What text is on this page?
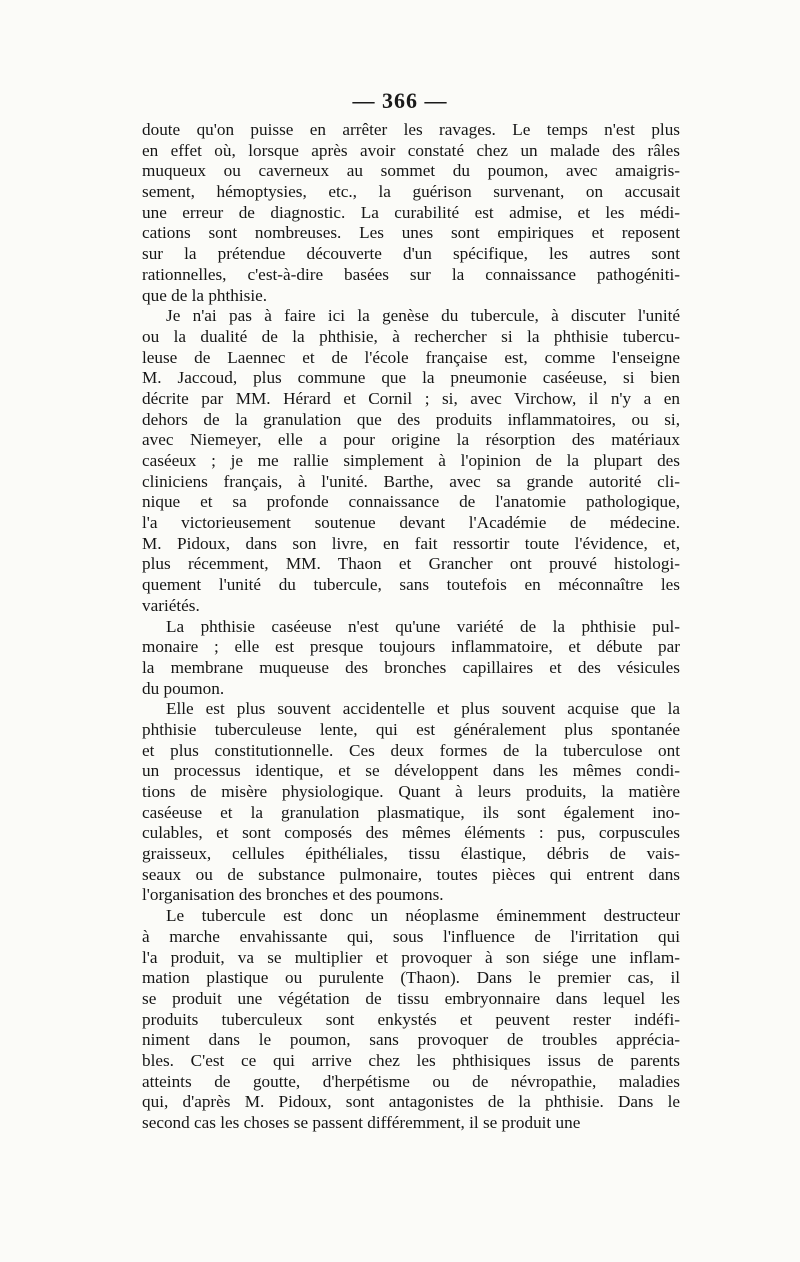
— 366 —
doute qu'on puisse en arrêter les ravages. Le temps n'est plus
en effet où, lorsque après avoir constaté chez un malade des râles
muqueux ou caverneux au sommet du poumon, avec amaigris-
sement, hémoptysies, etc., la guérison survenant, on accusait
une erreur de diagnostic. La curabilité est admise, et les médi-
cations sont nombreuses. Les unes sont empiriques et reposent
sur la prétendue découverte d'un spécifique, les autres sont
rationnelles, c'est-à-dire basées sur la connaissance pathogéniti-
que de la phthisie.
Je n'ai pas à faire ici la genèse du tubercule, à discuter l'unité
ou la dualité de la phthisie, à rechercher si la phthisie tubercu-
leuse de Laennec et de l'école française est, comme l'enseigne
M. Jaccoud, plus commune que la pneumonie caséeuse, si bien
décrite par MM. Hérard et Cornil ; si, avec Virchow, il n'y a en
dehors de la granulation que des produits inflammatoires, ou si,
avec Niemeyer, elle a pour origine la résorption des matériaux
caséeux ; je me rallie simplement à l'opinion de la plupart des
cliniciens français, à l'unité. Barthe, avec sa grande autorité cli-
nique et sa profonde connaissance de l'anatomie pathologique,
l'a victorieusement soutenue devant l'Académie de médecine.
M. Pidoux, dans son livre, en fait ressortir toute l'évidence, et,
plus récemment, MM. Thaon et Grancher ont prouvé histologi-
quement l'unité du tubercule, sans toutefois en méconnaître les
variétés.
La phthisie caséeuse n'est qu'une variété de la phthisie pul-
monaire ; elle est presque toujours inflammatoire, et débute par
la membrane muqueuse des bronches capillaires et des vésicules
du poumon.
Elle est plus souvent accidentelle et plus souvent acquise que la
phthisie tuberculeuse lente, qui est généralement plus spontanée
et plus constitutionnelle. Ces deux formes de la tuberculose ont
un processus identique, et se développent dans les mêmes condi-
tions de misère physiologique. Quant à leurs produits, la matière
caséeuse et la granulation plasmatique, ils sont également ino-
culables, et sont composés des mêmes éléments : pus, corpuscules
graisseux, cellules épithéliales, tissu élastique, débris de vais-
seaux ou de substance pulmonaire, toutes pièces qui entrent dans
l'organisation des bronches et des poumons.
Le tubercule est donc un néoplasme éminemment destructeur
à marche envahissante qui, sous l'influence de l'irritation qui
l'a produit, va se multiplier et provoquer à son siége une inflam-
mation plastique ou purulente (Thaon). Dans le premier cas, il
se produit une végétation de tissu embryonnaire dans lequel les
produits tuberculeux sont enkystés et peuvent rester indéfi-
niment dans le poumon, sans provoquer de troubles apprécia-
bles. C'est ce qui arrive chez les phthisiques issus de parents
atteints de goutte, d'herpétisme ou de névropathie, maladies
qui, d'après M. Pidoux, sont antagonistes de la phthisie. Dans le
second cas les choses se passent différemment, il se produit une
